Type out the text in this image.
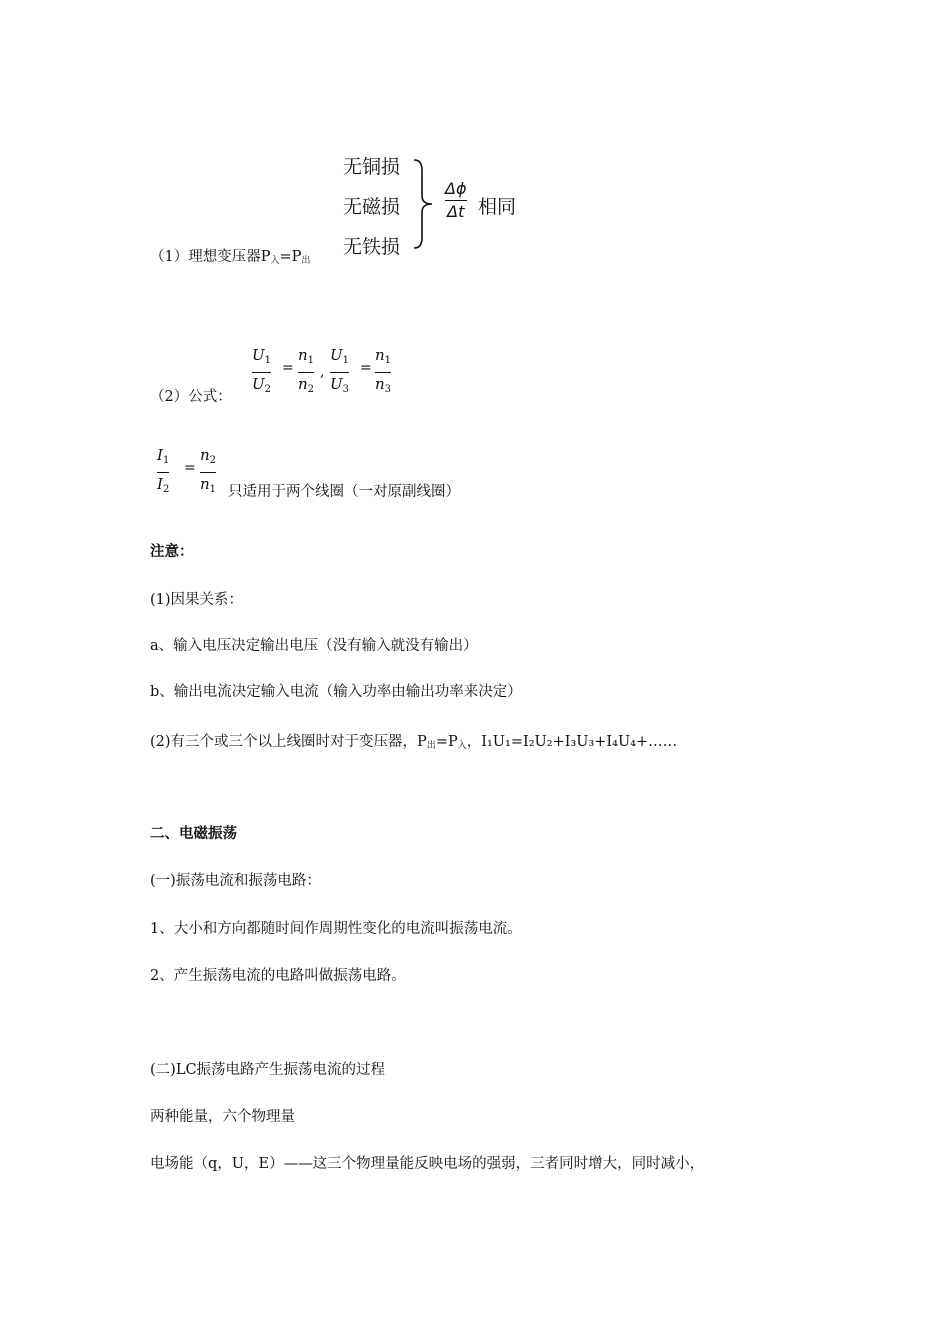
无铜损
无磁损
无铁损
Δϕ
Δt 相同
（1）理想变压器$P_入=P_出$
（2）公式：
$U_1$
$U_2$
=
$n_1$
$n_2$
,
$U_1$
$U_3$
=
$n_1$
$n_3$
$I_1$
$I_2$
=
$n_2$
$n_1$ 只适用于两个线圈（一对原副线圈）
注意：
(1)因果关系：
a、输入电压决定输出电压（没有输入就没有输出）
b、输出电流决定输入电流（输入功率由输出功率来决定）
(2)有三个或三个以上线圈时对于变压器，$P_出=P_入$，I₁U₁=I₂U₂+I₃U₃+I₄U₄+……
二、电磁振荡
(一)振荡电流和振荡电路：
1、大小和方向都随时间作周期性变化的电流叫振荡电流。
2、产生振荡电流的电路叫做振荡电路。
(二)LC振荡电路产生振荡电流的过程
两种能量，六个物理量
电场能（q，U，E）——这三个物理量能反映电场的强弱，三者同时增大，同时减小，
